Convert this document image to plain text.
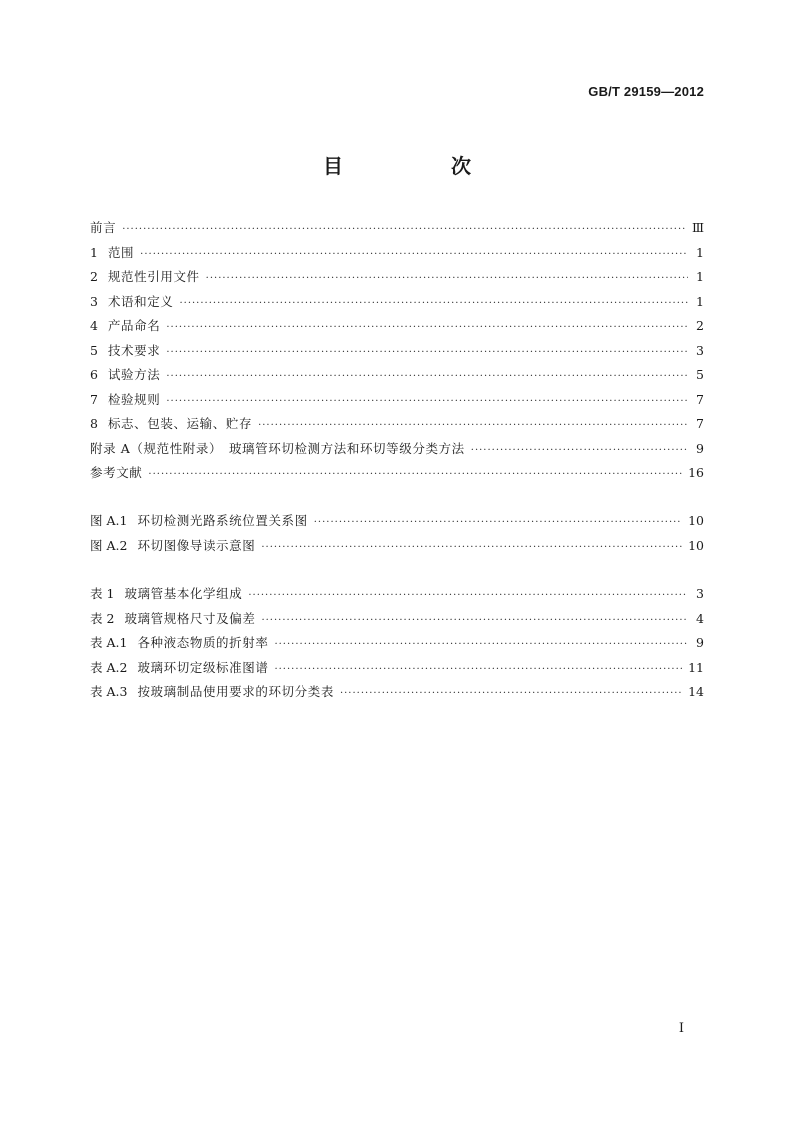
GB/T 29159—2012
目　次
前言 ·····	Ⅲ
1 范围 ·····	1
2 规范性引用文件 ·····	1
3 术语和定义 ·····	1
4 产品命名 ·····	2
5 技术要求 ·····	3
6 试验方法 ·····	5
7 检验规则 ·····	7
8 标志、包装、运输、贮存 ·····	7
附录 A（规范性附录）　玻璃管环切检测方法和环切等级分类方法 ·····	9
参考文献 ·····	16
图 A.1 环切检测光路系统位置关系图 ·····	10
图 A.2 环切图像导读示意图 ·····	10
表 1 玻璃管基本化学组成 ·····	3
表 2 玻璃管规格尺寸及偏差 ·····	4
表 A.1 各种液态物质的折射率 ·····	9
表 A.2 玻璃环切定级标准图谱 ·····	11
表 A.3 按玻璃制品使用要求的环切分类表 ·····	14
I
